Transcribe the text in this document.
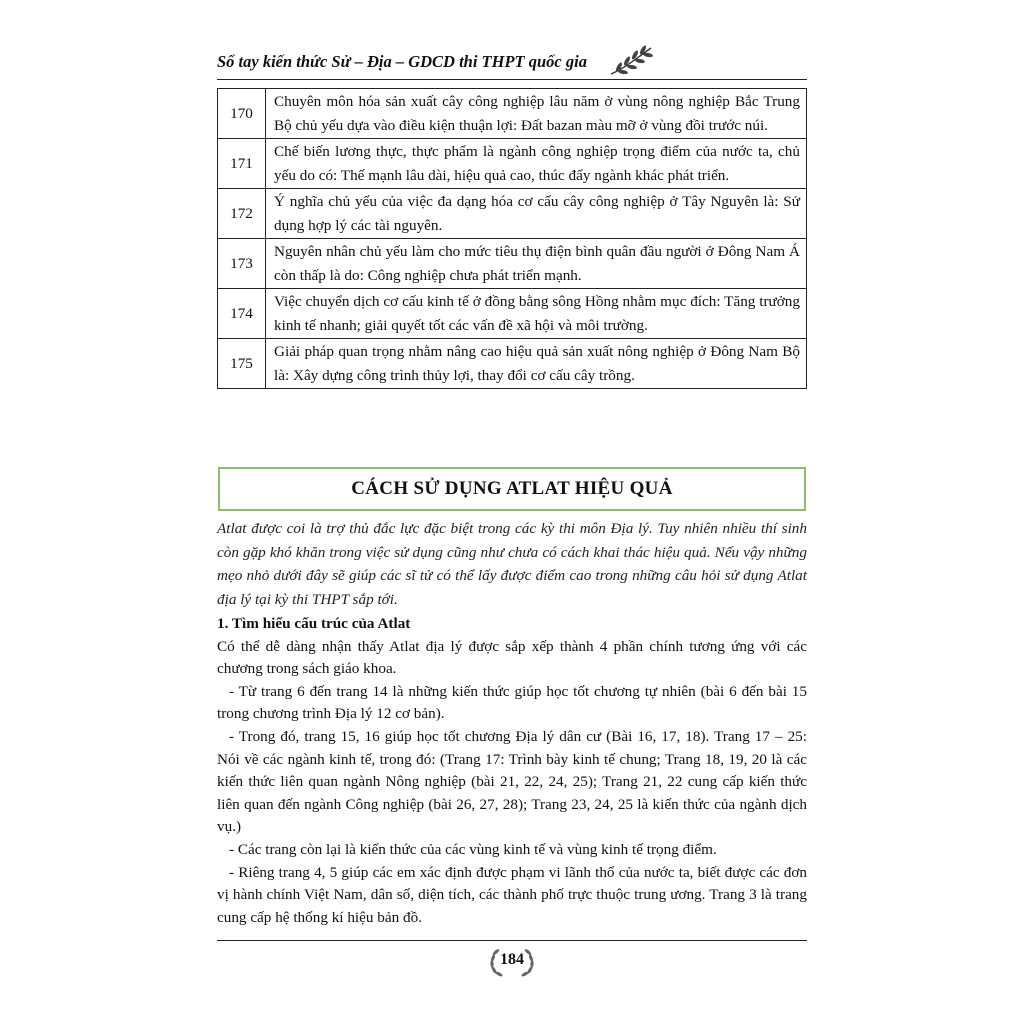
Sổ tay kiến thức Sử – Địa – GDCD thi THPT quốc gia
170	Chuyên môn hóa sản xuất cây công nghiệp lâu năm ở vùng nông nghiệp Bắc Trung Bộ chủ yếu dựa vào điều kiện thuận lợi: Đất bazan màu mỡ ở vùng đồi trước núi.
171	Chế biến lương thực, thực phẩm là ngành công nghiệp trọng điểm của nước ta, chủ yếu do có: Thế mạnh lâu dài, hiệu quả cao, thúc đẩy ngành khác phát triển.
172	Ý nghĩa chủ yếu của việc đa dạng hóa cơ cấu cây công nghiệp ở Tây Nguyên là: Sử dụng hợp lý các tài nguyên.
173	Nguyên nhân chủ yếu làm cho mức tiêu thụ điện bình quân đầu người ở Đông Nam Á còn thấp là do: Công nghiệp chưa phát triển mạnh.
174	Việc chuyển dịch cơ cấu kinh tế ở đồng bằng sông Hồng nhằm mục đích: Tăng trưởng kinh tế nhanh; giải quyết tốt các vấn đề xã hội và môi trường.
175	Giải pháp quan trọng nhằm nâng cao hiệu quả sản xuất nông nghiệp ở Đông Nam Bộ là: Xây dựng công trình thủy lợi, thay đổi cơ cấu cây trồng.
CÁCH SỬ DỤNG ATLAT HIỆU QUẢ
Atlat được coi là trợ thủ đắc lực đặc biệt trong các kỳ thi môn Địa lý. Tuy nhiên nhiều thí sinh còn gặp khó khăn trong việc sử dụng cũng như chưa có cách khai thác hiệu quả. Nếu vậy những mẹo nhỏ dưới đây sẽ giúp các sĩ tử có thể lấy được điểm cao trong những câu hỏi sử dụng Atlat địa lý tại kỳ thi THPT sắp tới.

1. Tìm hiểu cấu trúc của Atlat

Có thể dễ dàng nhận thấy Atlat địa lý được sắp xếp thành 4 phần chính tương ứng với các chương trong sách giáo khoa.

- Từ trang 6 đến trang 14 là những kiến thức giúp học tốt chương tự nhiên (bài 6 đến bài 15 trong chương trình Địa lý 12 cơ bản).

- Trong đó, trang 15, 16 giúp học tốt chương Địa lý dân cư (Bài 16, 17, 18). Trang 17 – 25: Nói về các ngành kinh tế, trong đó: (Trang 17: Trình bày kinh tế chung; Trang 18, 19, 20 là các kiến thức liên quan ngành Nông nghiệp (bài 21, 22, 24, 25); Trang 21, 22 cung cấp kiến thức liên quan đến ngành Công nghiệp (bài 26, 27, 28); Trang 23, 24, 25 là kiến thức của ngành dịch vụ.)

- Các trang còn lại là kiến thức của các vùng kinh tế và vùng kinh tế trọng điểm.

- Riêng trang 4, 5 giúp các em xác định được phạm vi lãnh thổ của nước ta, biết được các đơn vị hành chính Việt Nam, dân số, diện tích, các thành phố trực thuộc trung ương. Trang 3 là trang cung cấp hệ thống kí hiệu bản đồ.

184
